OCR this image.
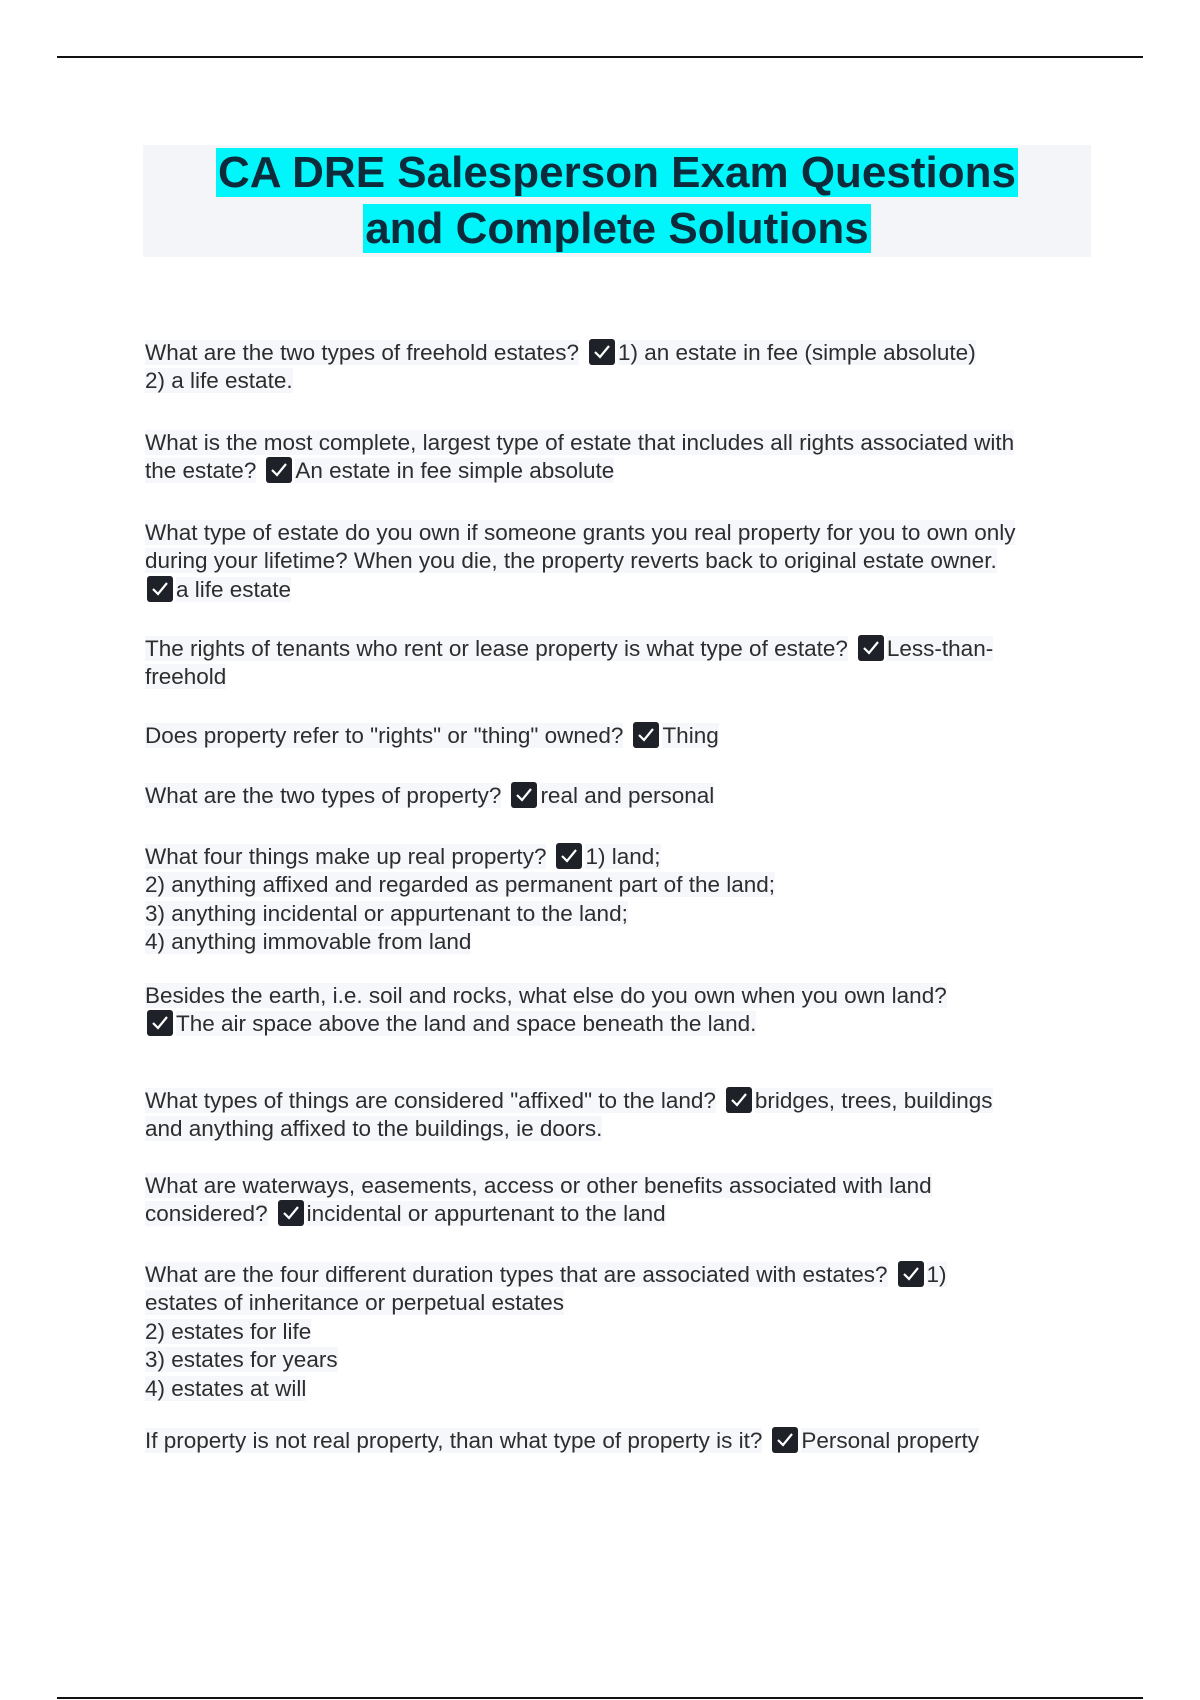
CA DRE Salesperson Exam Questions
and Complete Solutions

What are the two types of freehold estates? 1) an estate in fee (simple absolute)
2) a life estate.

What is the most complete, largest type of estate that includes all rights associated with
the estate? An estate in fee simple absolute

What type of estate do you own if someone grants you real property for you to own only
during your lifetime? When you die, the property reverts back to original estate owner.

a life estate

The rights of tenants who rent or lease property is what type of estate? Less-than-
freehold

Does property refer to "rights" or "thing" owned? Thing

What are the two types of property? real and personal

What four things make up real property? 1) land;
2) anything affixed and regarded as permanent part of the land;
3) anything incidental or appurtenant to the land;
4) anything immovable from land

Besides the earth, i.e. soil and rocks, what else do you own when you own land?

The air space above the land and space beneath the land.

What types of things are considered "affixed" to the land? bridges, trees, buildings
and anything affixed to the buildings, ie doors.

What are waterways, easements, access or other benefits associated with land
considered? incidental or appurtenant to the land

What are the four different duration types that are associated with estates? 1)
estates of inheritance or perpetual estates
2) estates for life
3) estates for years
4) estates at will

If property is not real property, than what type of property is it? Personal property
